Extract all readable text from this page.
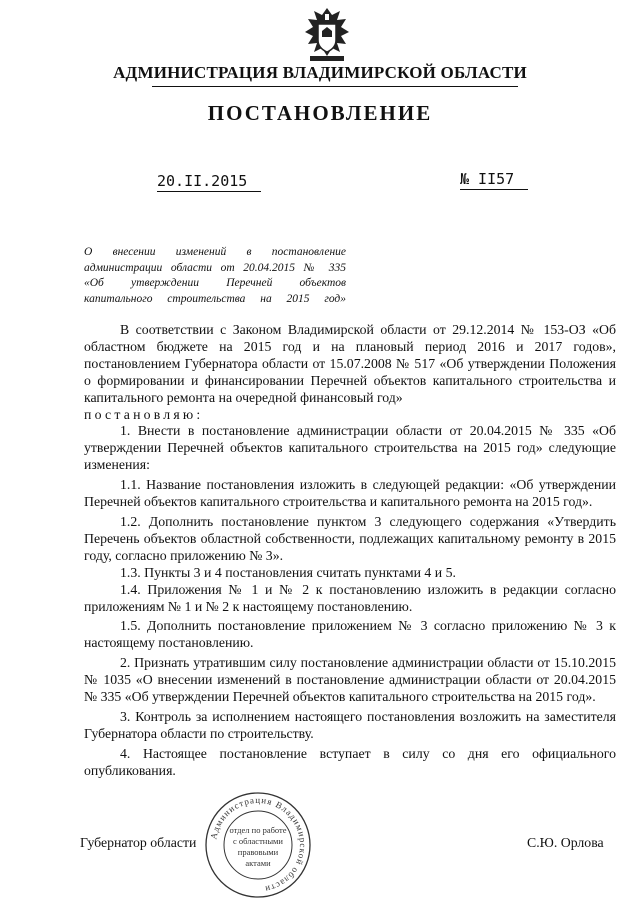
АДМИНИСТРАЦИЯ ВЛАДИМИРСКОЙ ОБЛАСТИ
ПОСТАНОВЛЕНИЕ
20.II.2015	№ II57
О внесении изменений в постановление
администрации области от 20.04.2015 № 335
«Об утверждении Перечней объектов
капитального строительства на 2015 год»

В соответствии с Законом Владимирской области от 29.12.2014 № 153-ОЗ «Об областном бюджете на 2015 год и на плановый период 2016 и 2017 годов», постановлением Губернатора области от 15.07.2008 № 517 «Об утверждении Положения о формировании и финансировании Перечней объектов капитального строительства и капитального ремонта на очередной финансовый год»

постановляю:

1. Внести в постановление администрации области от 20.04.2015 № 335 «Об утверждении Перечней объектов капитального строительства на 2015 год» следующие изменения:

1.1. Название постановления изложить в следующей редакции: «Об утверждении Перечней объектов капитального строительства и капитального ремонта на 2015 год».

1.2. Дополнить постановление пунктом 3 следующего содержания «Утвердить Перечень объектов областной собственности, подлежащих капитальному ремонту в 2015 году, согласно приложению № 3».

1.3. Пункты 3 и 4 постановления считать пунктами 4 и 5.

1.4. Приложения № 1 и № 2 к постановлению изложить в редакции согласно приложениям № 1 и № 2 к настоящему постановлению.

1.5. Дополнить постановление приложением № 3 согласно приложению № 3 к настоящему постановлению.

2. Признать утратившим силу постановление администрации области от 15.10.2015 № 1035 «О внесении изменений в постановление администрации области от 20.04.2015 № 335 «Об утверждении Перечней объектов капитального строительства на 2015 год».

3. Контроль за исполнением настоящего постановления возложить на заместителя Губернатора области по строительству.

4. Настоящее постановление вступает в силу со дня его официального опубликования.

Губернатор области	С.Ю. Орлова
Администрация Владимирской области
отдел по работе
с областными
правовыми
актами
